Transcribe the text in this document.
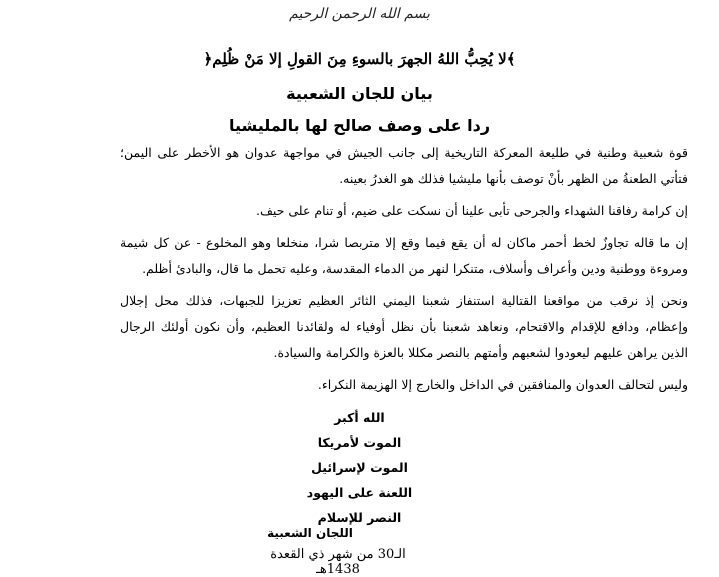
بسم الله الرحمن الرحيم
﴿لا يُحِبُّ اللهُ الجهرَ بالسوءِ مِنَ القولِ إلا مَنْ ظُلِم﴾
بيان للجان الشعبية
ردا على وصف صالح لها بالمليشيا

قوة شعبية وطنية في طليعة المعركة التاريخية إلى جانب الجيش في مواجهة عدوان هو الأخطر على اليمن؛ فتأتي الطعنةُ من الظهر بأنْ توصف بأنها مليشيا فذلك هو الغدرُ بعينه.

إن كرامة رفاقنا الشهداء والجرحى تأبى علينا أن نسكت على ضيم، أو تنام على حيف.

إن ما قاله تجاوزٌ لخط أحمر ماكان له أن يقع فيما وقع إلا متربصا شرا، منخلعا وهو المخلوع - عن كل شيمة ومروءة ووطنية ودين وأعراف وأسلاف، متنكرا لنهر من الدماء المقدسة، وعليه تحمل ما قال، والبادئ أظلم.

ونحن إذ نرقب من مواقعنا القتالية استنفاز شعبنا اليمني الثائر العظيم تعزيزا للجبهات، فذلك محل إجلال وإعظام، ودافع للإقدام والاقتحام، ونعاهد شعبنا بأن نظل أوفياء له ولقائدنا العظيم، وأن نكون أولئك الرجال الذين يراهن عليهم ليعودوا لشعبهم وأمتهم بالنصر مكللا بالعزة والكرامة والسيادة.

وليس لتحالف العدوان والمنافقين في الداخل والخارج إلا الهزيمة النكراء.

الله أكبر
الموت لأمريكا
الموت لإسرائيل
اللعنة على اليهود
النصر للإسلام
اللجان الشعبية
الـ30 من شهر ذي القعدة 1438هـ
